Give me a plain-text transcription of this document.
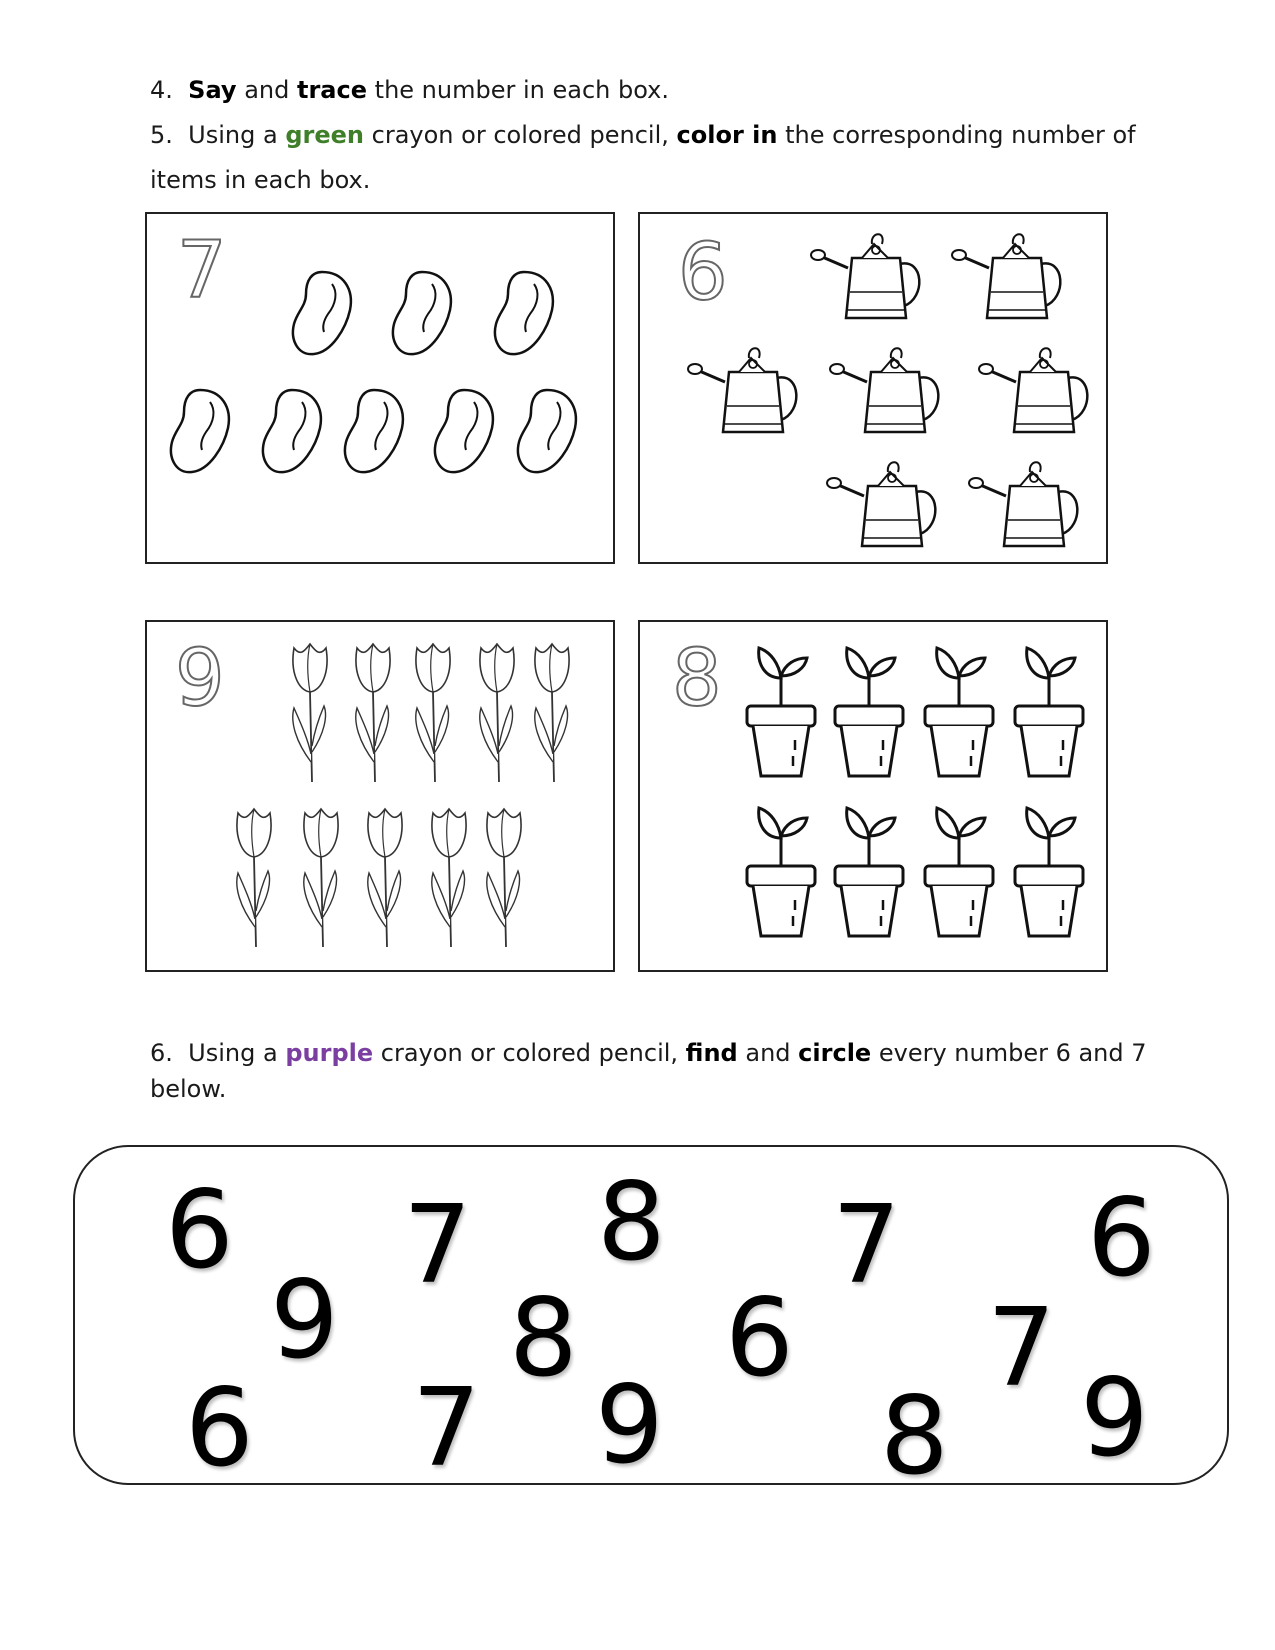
4. Say and trace the number in each box.
5. Using a green crayon or colored pencil, color in the corresponding number of
items in each box.
7	6
9	8
6. Using a purple crayon or colored pencil, find and circle every number 6 and 7
below.
6
9
7 8
8 6
7
7
6
6 7 9 8 9
